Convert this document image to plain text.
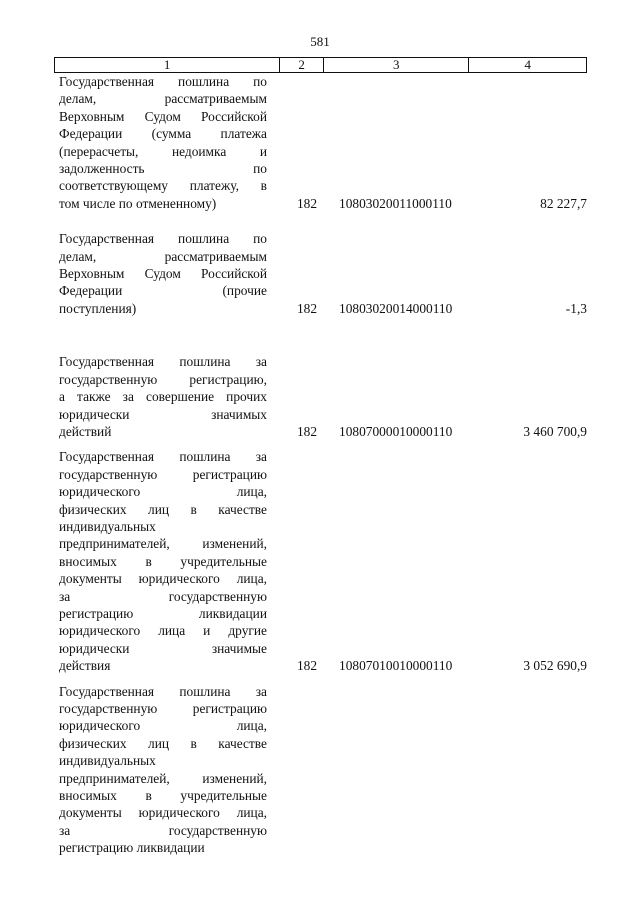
581
1	2	3	4
Государственная пошлина по
делам, рассматриваемым
Верховным Судом Российской
Федерации (сумма платежа
(перерасчеты, недоимка и
задолженность по
соответствующему платежу, в
том числе по отмененному)	182	10803020011000110	82 227,7
Государственная пошлина по
делам, рассматриваемым
Верховным Судом Российской
Федерации (прочие
поступления)	182	10803020014000110	-1,3
Государственная пошлина за
государственную регистрацию,
а также за совершение прочих
юридически значимых
действий	182	10807000010000110	3 460 700,9
Государственная пошлина за
государственную регистрацию
юридического лица,
физических лиц в качестве
индивидуальных
предпринимателей, изменений,
вносимых в учредительные
документы юридического лица,
за государственную
регистрацию ликвидации
юридического лица и другие
юридически значимые
действия	182	10807010010000110	3 052 690,9
Государственная пошлина за
государственную регистрацию
юридического лица,
физических лиц в качестве
индивидуальных
предпринимателей, изменений,
вносимых в учредительные
документы юридического лица,
за государственную
регистрацию ликвидации
